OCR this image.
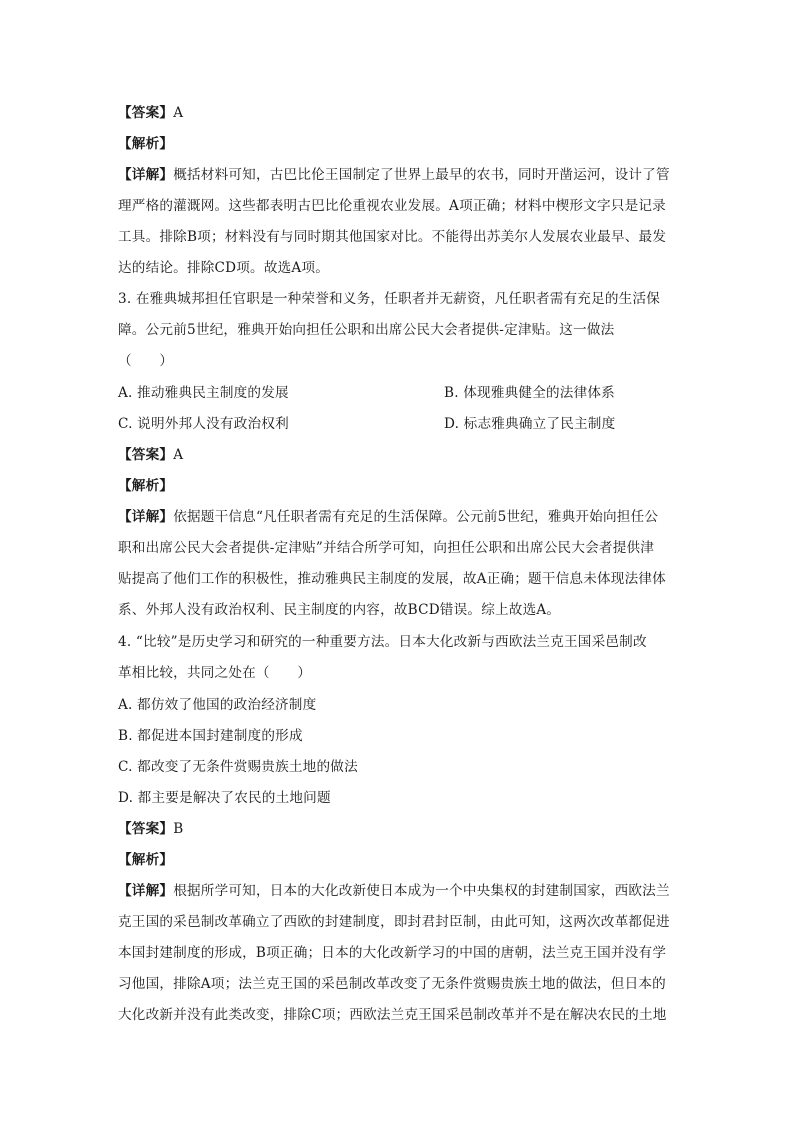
【答案】A
【解析】
【详解】概括材料可知，古巴比伦王国制定了世界上最早的农书，同时开凿运河，设计了管
理严格的灌溉网。这些都表明古巴比伦重视农业发展。A项正确；材料中楔形文字只是记录
工具。排除B项；材料没有与同时期其他国家对比。不能得出苏美尔人发展农业最早、最发
达的结论。排除CD项。故选A项。
3. 在雅典城邦担任官职是一种荣誉和义务，任职者并无薪资，凡任职者需有充足的生活保
障。公元前5世纪，雅典开始向担任公职和出席公民大会者提供-定津贴。这一做法
（　　）
A. 推动雅典民主制度的发展	B. 体现雅典健全的法律体系
C. 说明外邦人没有政治权利	D. 标志雅典确立了民主制度
【答案】A
【解析】
【详解】依据题干信息“凡任职者需有充足的生活保障。公元前5世纪，雅典开始向担任公
职和出席公民大会者提供-定津贴”并结合所学可知，向担任公职和出席公民大会者提供津
贴提高了他们工作的积极性，推动雅典民主制度的发展，故A正确；题干信息未体现法律体
系、外邦人没有政治权利、民主制度的内容，故BCD错误。综上故选A。
4. “比较”是历史学习和研究的一种重要方法。日本大化改新与西欧法兰克王国采邑制改
革相比较，共同之处在（　　）
A. 都仿效了他国的政治经济制度
B. 都促进本国封建制度的形成
C. 都改变了无条件赏赐贵族土地的做法
D. 都主要是解决了农民的土地问题
【答案】B
【解析】
【详解】根据所学可知，日本的大化改新使日本成为一个中央集权的封建制国家，西欧法兰
克王国的采邑制改革确立了西欧的封建制度，即封君封臣制，由此可知，这两次改革都促进
本国封建制度的形成，B项正确；日本的大化改新学习的中国的唐朝，法兰克王国并没有学
习他国，排除A项；法兰克王国的采邑制改革改变了无条件赏赐贵族土地的做法，但日本的
大化改新并没有此类改变，排除C项；西欧法兰克王国采邑制改革并不是在解决农民的土地
